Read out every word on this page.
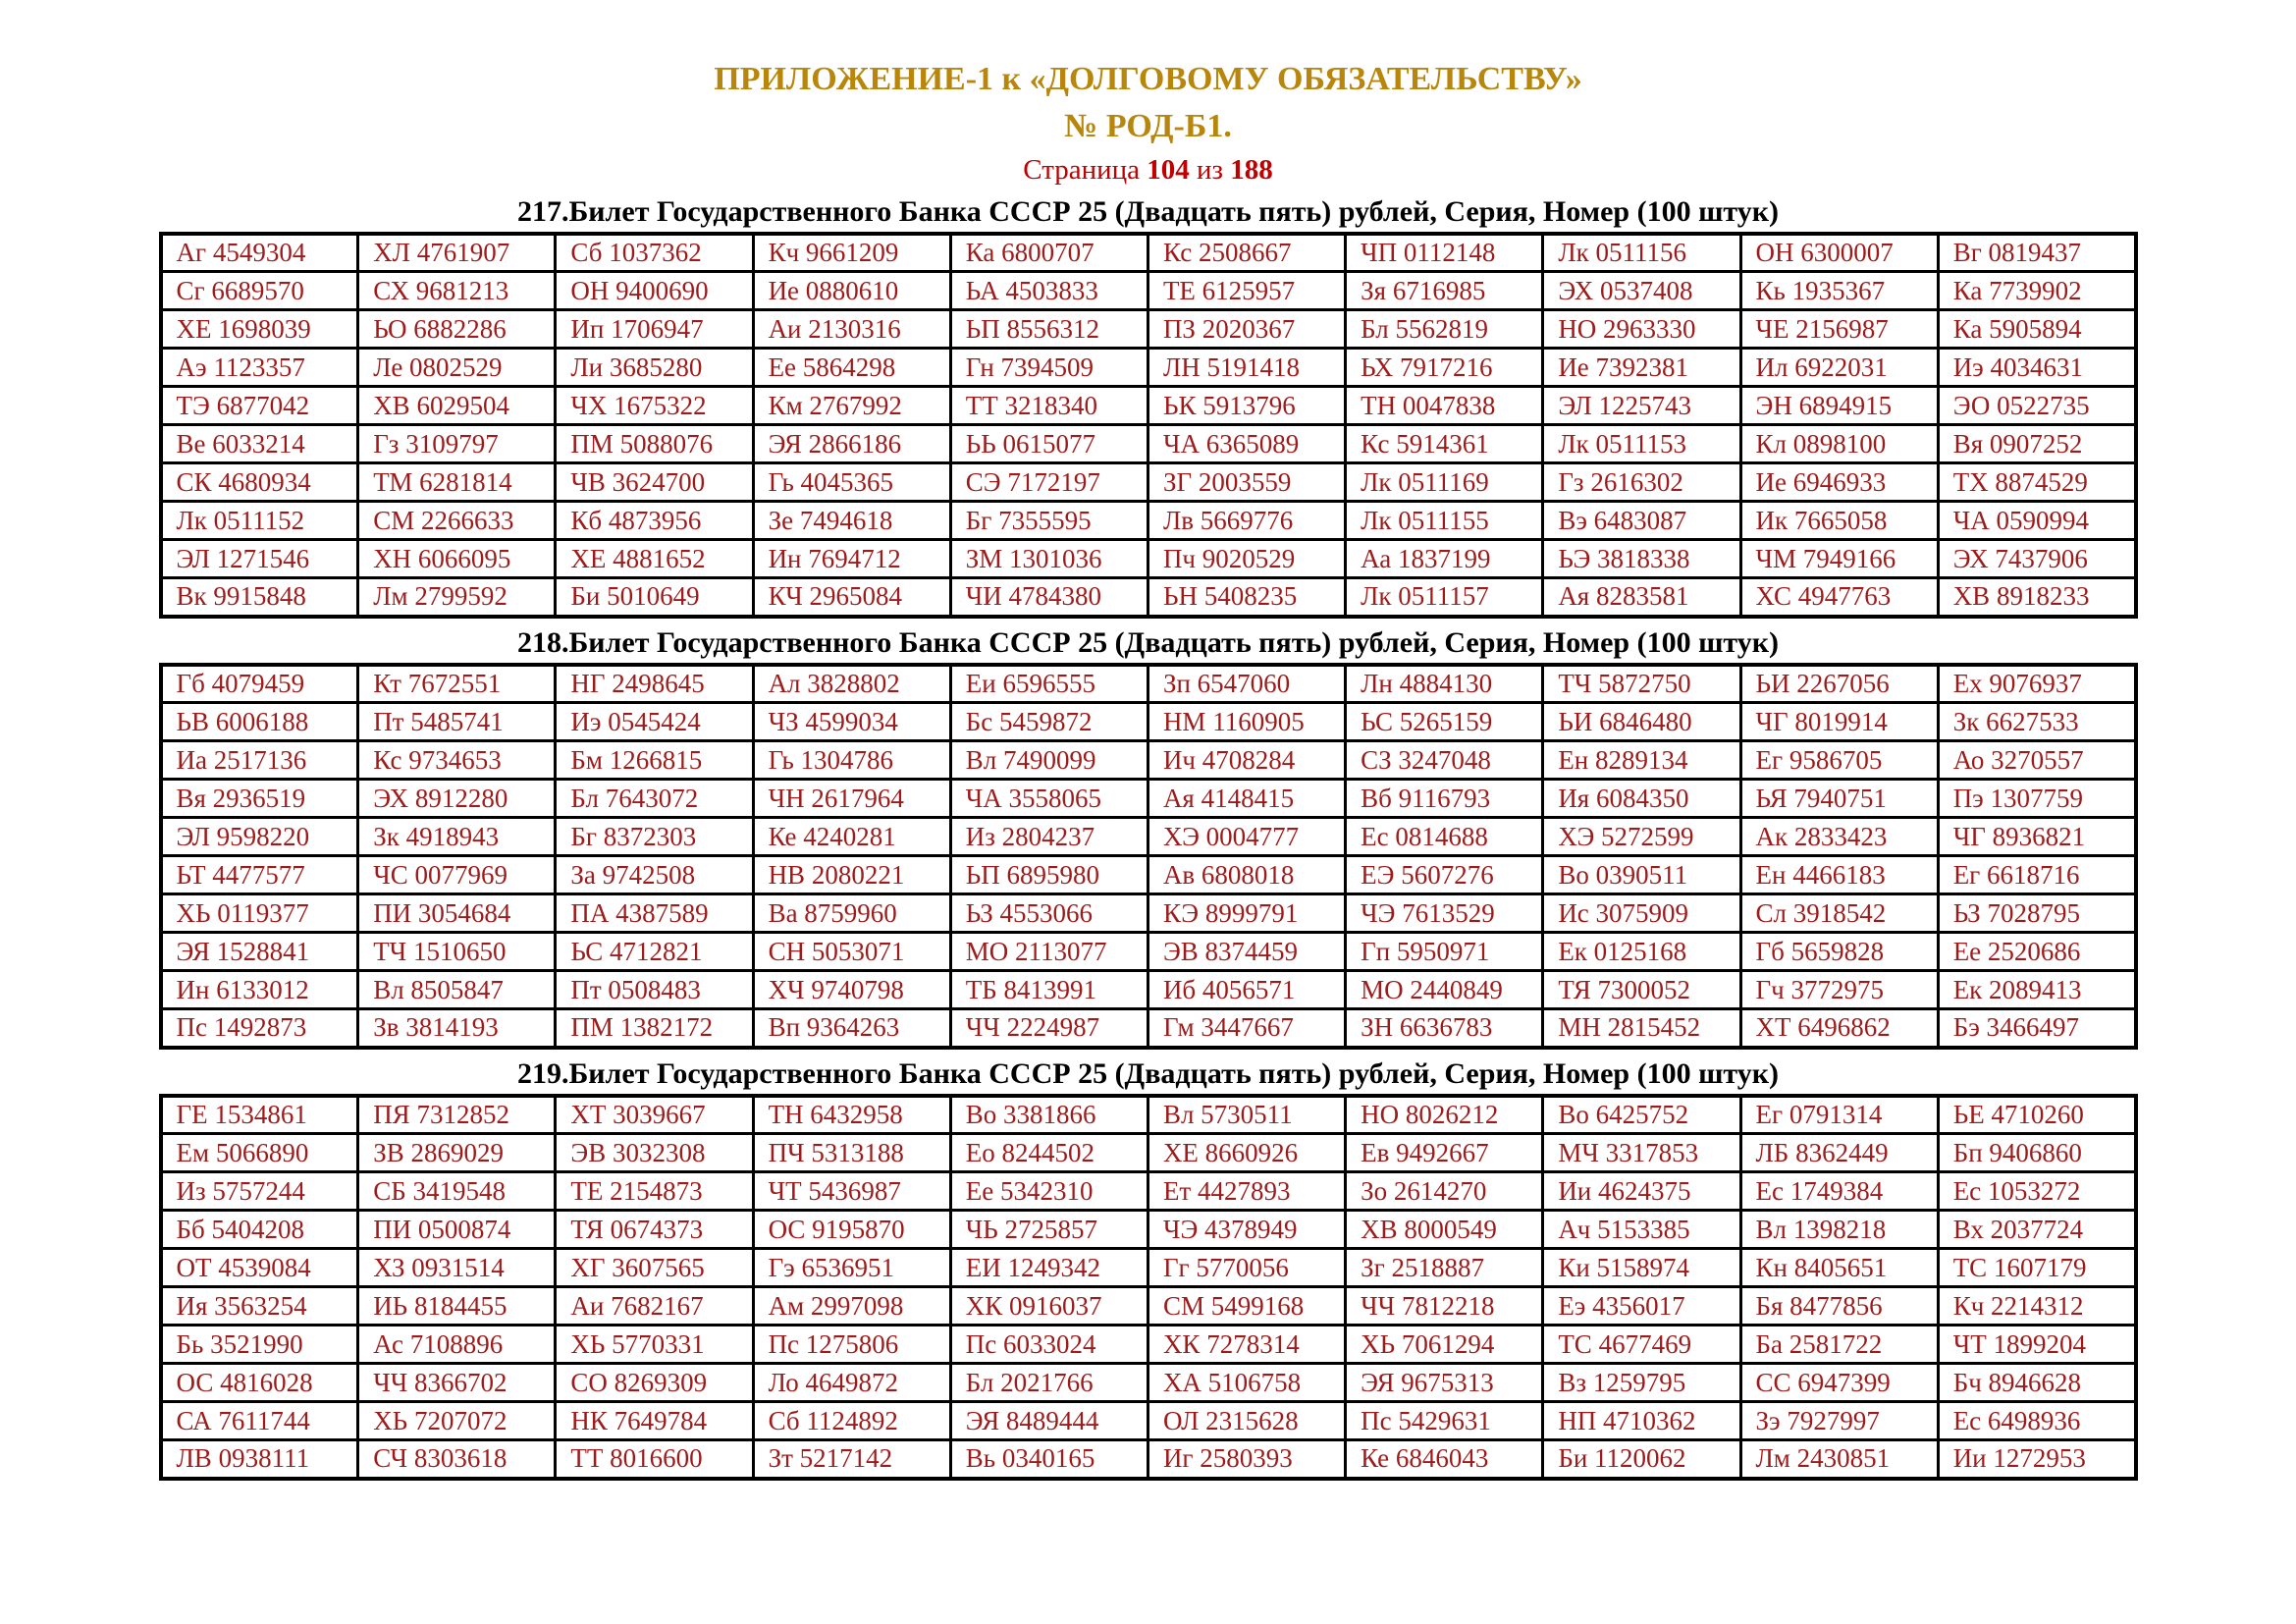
ПРИЛОЖЕНИЕ-1 к «ДОЛГОВОМУ ОБЯЗАТЕЛЬСТВУ»
№ РОД-Б1.
Страница 104 из 188
217.Билет Государственного Банка СССР 25 (Двадцать пять) рублей, Серия, Номер (100 штук)
Аг 4549304	ХЛ 4761907	Сб 1037362	Кч 9661209	Ка 6800707	Кс 2508667	ЧП 0112148	Лк 0511156	ОН 6300007	Вг 0819437
Сг 6689570	СХ 9681213	ОН 9400690	Ие 0880610	ЬА 4503833	ТЕ 6125957	Зя 6716985	ЭХ 0537408	Кь 1935367	Ка 7739902
ХЕ 1698039	ЬО 6882286	Ип 1706947	Аи 2130316	ЬП 8556312	ПЗ 2020367	Бл 5562819	НО 2963330	ЧЕ 2156987	Ка 5905894
Аэ 1123357	Ле 0802529	Ли 3685280	Ее 5864298	Гн 7394509	ЛН 5191418	ЬХ 7917216	Ие 7392381	Ил 6922031	Иэ 4034631
ТЭ 6877042	ХВ 6029504	ЧХ 1675322	Км 2767992	ТТ 3218340	ЬК 5913796	ТН 0047838	ЭЛ 1225743	ЭН 6894915	ЭО 0522735
Ве 6033214	Гз 3109797	ПМ 5088076	ЭЯ 2866186	ЬЬ 0615077	ЧА 6365089	Кс 5914361	Лк 0511153	Кл 0898100	Вя 0907252
СК 4680934	ТМ 6281814	ЧВ 3624700	Гь 4045365	СЭ 7172197	ЗГ 2003559	Лк 0511169	Гз 2616302	Ие 6946933	ТХ 8874529
Лк 0511152	СМ 2266633	Кб 4873956	Зе 7494618	Бг 7355595	Лв 5669776	Лк 0511155	Вэ 6483087	Ик 7665058	ЧА 0590994
ЭЛ 1271546	ХН 6066095	ХЕ 4881652	Ин 7694712	ЗМ 1301036	Пч 9020529	Аа 1837199	ЬЭ 3818338	ЧМ 7949166	ЭХ 7437906
Вк 9915848	Лм 2799592	Би 5010649	КЧ 2965084	ЧИ 4784380	ЬН 5408235	Лк 0511157	Ая 8283581	ХС 4947763	ХВ 8918233
218.Билет Государственного Банка СССР 25 (Двадцать пять) рублей, Серия, Номер (100 штук)
Гб 4079459	Кт 7672551	НГ 2498645	Ал 3828802	Еи 6596555	Зп 6547060	Лн 4884130	ТЧ 5872750	ЬИ 2267056	Ех 9076937
ЬВ 6006188	Пт 5485741	Иэ 0545424	ЧЗ 4599034	Бс 5459872	НМ 1160905	ЬС 5265159	ЬИ 6846480	ЧГ 8019914	Зк 6627533
Иа 2517136	Кс 9734653	Бм 1266815	Гь 1304786	Вл 7490099	Ич 4708284	СЗ 3247048	Ен 8289134	Ег 9586705	Ао 3270557
Вя 2936519	ЭХ 8912280	Бл 7643072	ЧН 2617964	ЧА 3558065	Ая 4148415	Вб 9116793	Ия 6084350	ЬЯ 7940751	Пэ 1307759
ЭЛ 9598220	Зк 4918943	Бг 8372303	Ке 4240281	Из 2804237	ХЭ 0004777	Ес 0814688	ХЭ 5272599	Ак 2833423	ЧГ 8936821
ЬТ 4477577	ЧС 0077969	За 9742508	НВ 2080221	ЬП 6895980	Ав 6808018	ЕЭ 5607276	Во 0390511	Ен 4466183	Ег 6618716
ХЬ 0119377	ПИ 3054684	ПА 4387589	Ва 8759960	ЬЗ 4553066	КЭ 8999791	ЧЭ 7613529	Ис 3075909	Сл 3918542	ЬЗ 7028795
ЭЯ 1528841	ТЧ 1510650	ЬС 4712821	СН 5053071	МО 2113077	ЭВ 8374459	Гп 5950971	Ек 0125168	Гб 5659828	Ее 2520686
Ин 6133012	Вл 8505847	Пт 0508483	ХЧ 9740798	ТБ 8413991	Иб 4056571	МО 2440849	ТЯ 7300052	Гч 3772975	Ек 2089413
Пс 1492873	Зв 3814193	ПМ 1382172	Вп 9364263	ЧЧ 2224987	Гм 3447667	ЗН 6636783	МН 2815452	ХТ 6496862	Бэ 3466497
219.Билет Государственного Банка СССР 25 (Двадцать пять) рублей, Серия, Номер (100 штук)
ГЕ 1534861	ПЯ 7312852	ХТ 3039667	ТН 6432958	Во 3381866	Вл 5730511	НО 8026212	Во 6425752	Ег 0791314	ЬЕ 4710260
Ем 5066890	ЗВ 2869029	ЭВ 3032308	ПЧ 5313188	Ео 8244502	ХЕ 8660926	Ев 9492667	МЧ 3317853	ЛБ 8362449	Бп 9406860
Из 5757244	СБ 3419548	ТЕ 2154873	ЧТ 5436987	Ее 5342310	Ет 4427893	Зо 2614270	Ии 4624375	Ес 1749384	Ес 1053272
Бб 5404208	ПИ 0500874	ТЯ 0674373	ОС 9195870	ЧЬ 2725857	ЧЭ 4378949	ХВ 8000549	Ач 5153385	Вл 1398218	Вх 2037724
ОТ 4539084	ХЗ 0931514	ХГ 3607565	Гэ 6536951	ЕИ 1249342	Гг 5770056	Зг 2518887	Ки 5158974	Кн 8405651	ТС 1607179
Ия 3563254	ИЬ 8184455	Аи 7682167	Ам 2997098	ХК 0916037	СМ 5499168	ЧЧ 7812218	Еэ 4356017	Бя 8477856	Кч 2214312
Бь 3521990	Ас 7108896	ХЬ 5770331	Пс 1275806	Пс 6033024	ХК 7278314	ХЬ 7061294	ТС 4677469	Ба 2581722	ЧТ 1899204
ОС 4816028	ЧЧ 8366702	СО 8269309	Ло 4649872	Бл 2021766	ХА 5106758	ЭЯ 9675313	Вз 1259795	СС 6947399	Бч 8946628
СА 7611744	ХЬ 7207072	НК 7649784	Сб 1124892	ЭЯ 8489444	ОЛ 2315628	Пс 5429631	НП 4710362	Зэ 7927997	Ес 6498936
ЛВ 0938111	СЧ 8303618	ТТ 8016600	Зт 5217142	Вь 0340165	Иг 2580393	Ке 6846043	Би 1120062	Лм 2430851	Ии 1272953
